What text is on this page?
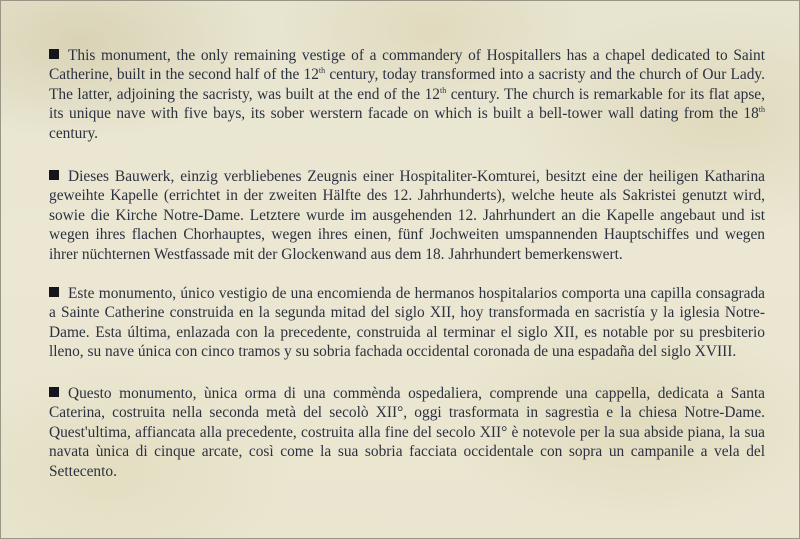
This monument, the only remaining vestige of a commandery of Hospitallers has a chapel dedicated to Saint Catherine, built in the second half of the 12th century, today transformed into a sacristy and the church of Our Lady. The latter, adjoining the sacristy, was built at the end of the 12th century. The church is remarkable for its flat apse, its unique nave with five bays, its sober werstern facade on which is built a bell-tower wall dating from the 18th century.
Dieses Bauwerk, einzig verbliebenes Zeugnis einer Hospitaliter-Komturei, besitzt eine der heiligen Katharina geweihte Kapelle (errichtet in der zweiten Hälfte des 12. Jahrhunderts), welche heute als Sakristei genutzt wird, sowie die Kirche Notre-Dame. Letztere wurde im ausgehenden 12. Jahrhundert an die Kapelle angebaut und ist wegen ihres flachen Chorhauptes, wegen ihres einen, fünf Jochweiten umspannenden Hauptschiffes und wegen ihrer nüchternen Westfassade mit der Glockenwand aus dem 18. Jahrhundert bemerkenswert.
Este monumento, único vestigio de una encomienda de hermanos hospitalarios comporta una capilla consagrada a Sainte Catherine construida en la segunda mitad del siglo XII, hoy transformada en sacristía y la iglesia Notre-Dame. Esta última, enlazada con la precedente, construida al terminar el siglo XII, es notable por su presbiterio lleno, su nave única con cinco tramos y su sobria fachada occidental coronada de una espadaña del siglo XVIII.
Questo monumento, ùnica orma di una commènda ospedaliera, comprende una cappella, dedicata a Santa Caterina, costruita nella seconda metà del secolò XII°, oggi trasformata in sagrestìa e la chiesa Notre-Dame. Quest'ultima, affiancata alla precedente, costruita alla fine del secolo XII° è notevole per la sua abside piana, la sua navata ùnica di cinque arcate, così come la sua sobria facciata occidentale con sopra un campanile a vela del Settecento.
